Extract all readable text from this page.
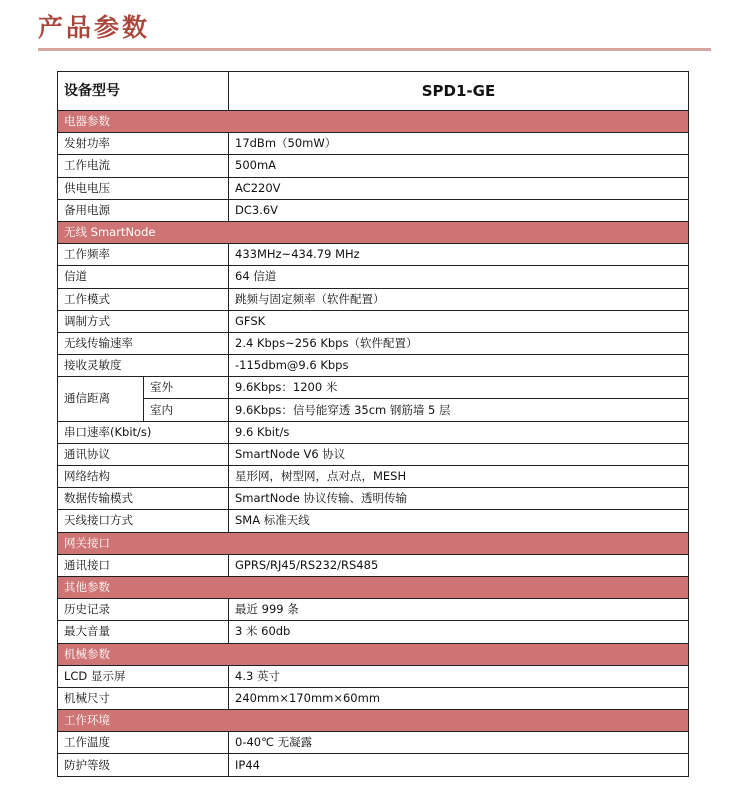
产品参数
设备型号		SPD1-GE
电器参数		
发射功率		17dBm（50mW）
工作电流		500mA
供电电压		AC220V
备用电源		DC3.6V
无线 SmartNode		
工作频率		433MHz~434.79 MHz
信道		64 信道
工作模式		跳频与固定频率（软件配置）
调制方式		GFSK
无线传输速率		2.4 Kbps~256 Kbps（软件配置）
接收灵敏度		-115dbm@9.6 Kbps
通信距离	室外	9.6Kbps：1200 米
	室内	9.6Kbps：信号能穿透 35cm 钢筋墙 5 层
串口速率(Kbit/s)		9.6 Kbit/s
通讯协议		SmartNode V6 协议
网络结构		星形网，树型网，点对点，MESH
数据传输模式		SmartNode 协议传输、透明传输
天线接口方式		SMA 标准天线
网关接口		
通讯接口		GPRS/RJ45/RS232/RS485
其他参数		
历史记录		最近 999 条
最大音量		3 米 60db
机械参数		
LCD 显示屏		4.3 英寸
机械尺寸		240mm×170mm×60mm
工作环境		
工作温度		0-40℃ 无凝露
防护等级		IP44
